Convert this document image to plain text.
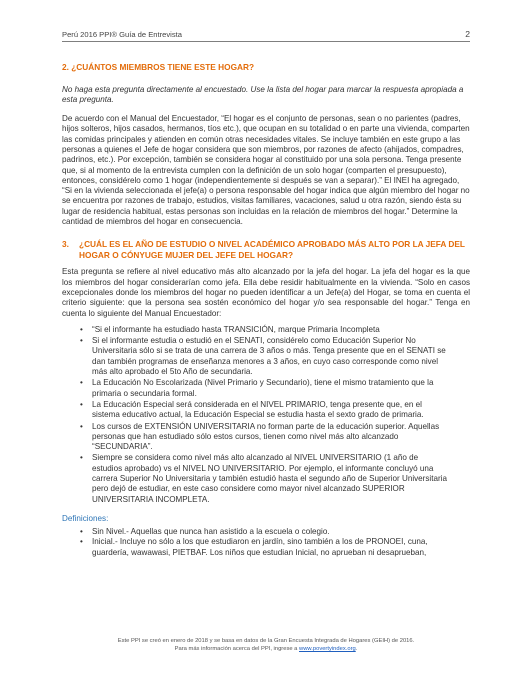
Perú 2016 PPI® Guía de Entrevista	2
2. ¿CUÁNTOS MIEMBROS TIENE ESTE HOGAR?

No haga esta pregunta directamente al encuestado. Use la lista del hogar para marcar la respuesta apropiada a esta pregunta.

De acuerdo con el Manual del Encuestador, “El hogar es el conjunto de personas, sean o no parientes (padres, hijos solteros, hijos casados, hermanos, tíos etc.), que ocupan en su totalidad o en parte una vivienda, comparten las comidas principales y atienden en común otras necesidades vitales. Se incluye también en este grupo a las personas a quienes el Jefe de hogar considera que son miembros, por razones de afecto (ahijados, compadres, padrinos, etc.). Por excepción, también se considera hogar al constituido por una sola persona. Tenga presente que, si al momento de la entrevista cumplen con la definición de un solo hogar (comparten el presupuesto), entonces, considérelo como 1 hogar (independientemente si después se van a separar).” El INEI ha agregado, “Si en la vivienda seleccionada el jefe(a) o persona responsable del hogar indica que algún miembro del hogar no se encuentra por razones de trabajo, estudios, visitas familiares, vacaciones, salud u otra razón, siendo ésta su lugar de residencia habitual, estas personas son incluidas en la relación de miembros del hogar.” Determine la cantidad de miembros del hogar en consecuencia.

3.	¿CUÁL ES EL AÑO DE ESTUDIO O NIVEL ACADÉMICO APROBADO MÁS ALTO POR LA JEFA DEL HOGAR O CÓNYUGE MUJER DEL JEFE DEL HOGAR?

Esta pregunta se refiere al nivel educativo más alto alcanzado por la jefa del hogar. La jefa del hogar es la que los miembros del hogar considerarían como jefa. Ella debe residir habitualmente en la vivienda. “Solo en casos excepcionales donde los miembros del hogar no pueden identificar a un Jefe(a) del Hogar, se toma en cuenta el criterio siguiente: que la persona sea sostén económico del hogar y/o sea responsable del hogar.” Tenga en cuenta lo siguiente del Manual Encuestador:

• “Si el informante ha estudiado hasta TRANSICIÓN, marque Primaria Incompleta
• Si el informante estudia o estudió en el SENATI, considérelo como Educación Superior No Universitaria sólo si se trata de una carrera de 3 años o más. Tenga presente que en el SENATI se dan también programas de enseñanza menores a 3 años, en cuyo caso corresponde como nivel más alto aprobado el 5to Año de secundaria.
• La Educación No Escolarizada (Nivel Primario y Secundario), tiene el mismo tratamiento que la primaria o secundaria formal.
• La Educación Especial será considerada en el NIVEL PRIMARIO, tenga presente que, en el sistema educativo actual, la Educación Especial se estudia hasta el sexto grado de primaria.
• Los cursos de EXTENSIÓN UNIVERSITARIA no forman parte de la educación superior. Aquellas personas que han estudiado sólo estos cursos, tienen como nivel más alto alcanzado “SECUNDARIA”.
• Siempre se considera como nivel más alto alcanzado al NIVEL UNIVERSITARIO (1 año de estudios aprobado) vs el NIVEL NO UNIVERSITARIO. Por ejemplo, el informante concluyó una carrera Superior No Universitaria y también estudió hasta el segundo año de Superior Universitaria pero dejó de estudiar, en este caso considere como mayor nivel alcanzado SUPERIOR UNIVERSITARIA INCOMPLETA.
Definiciones:
• Sin Nivel.- Aquellas que nunca han asistido a la escuela o colegio.
• Inicial.- Incluye no sólo a los que estudiaron en jardín, sino también a los de PRONOEI, cuna, guardería, wawawasi, PIETBAF. Los niños que estudian Inicial, no aprueban ni desaprueban,
Este PPI se creó en enero de 2018 y se basa en datos de la Gran Encuesta Integrada de Hogares (GEIH) de 2016.
Para más información acerca del PPI, ingrese a www.povertyindex.org.
